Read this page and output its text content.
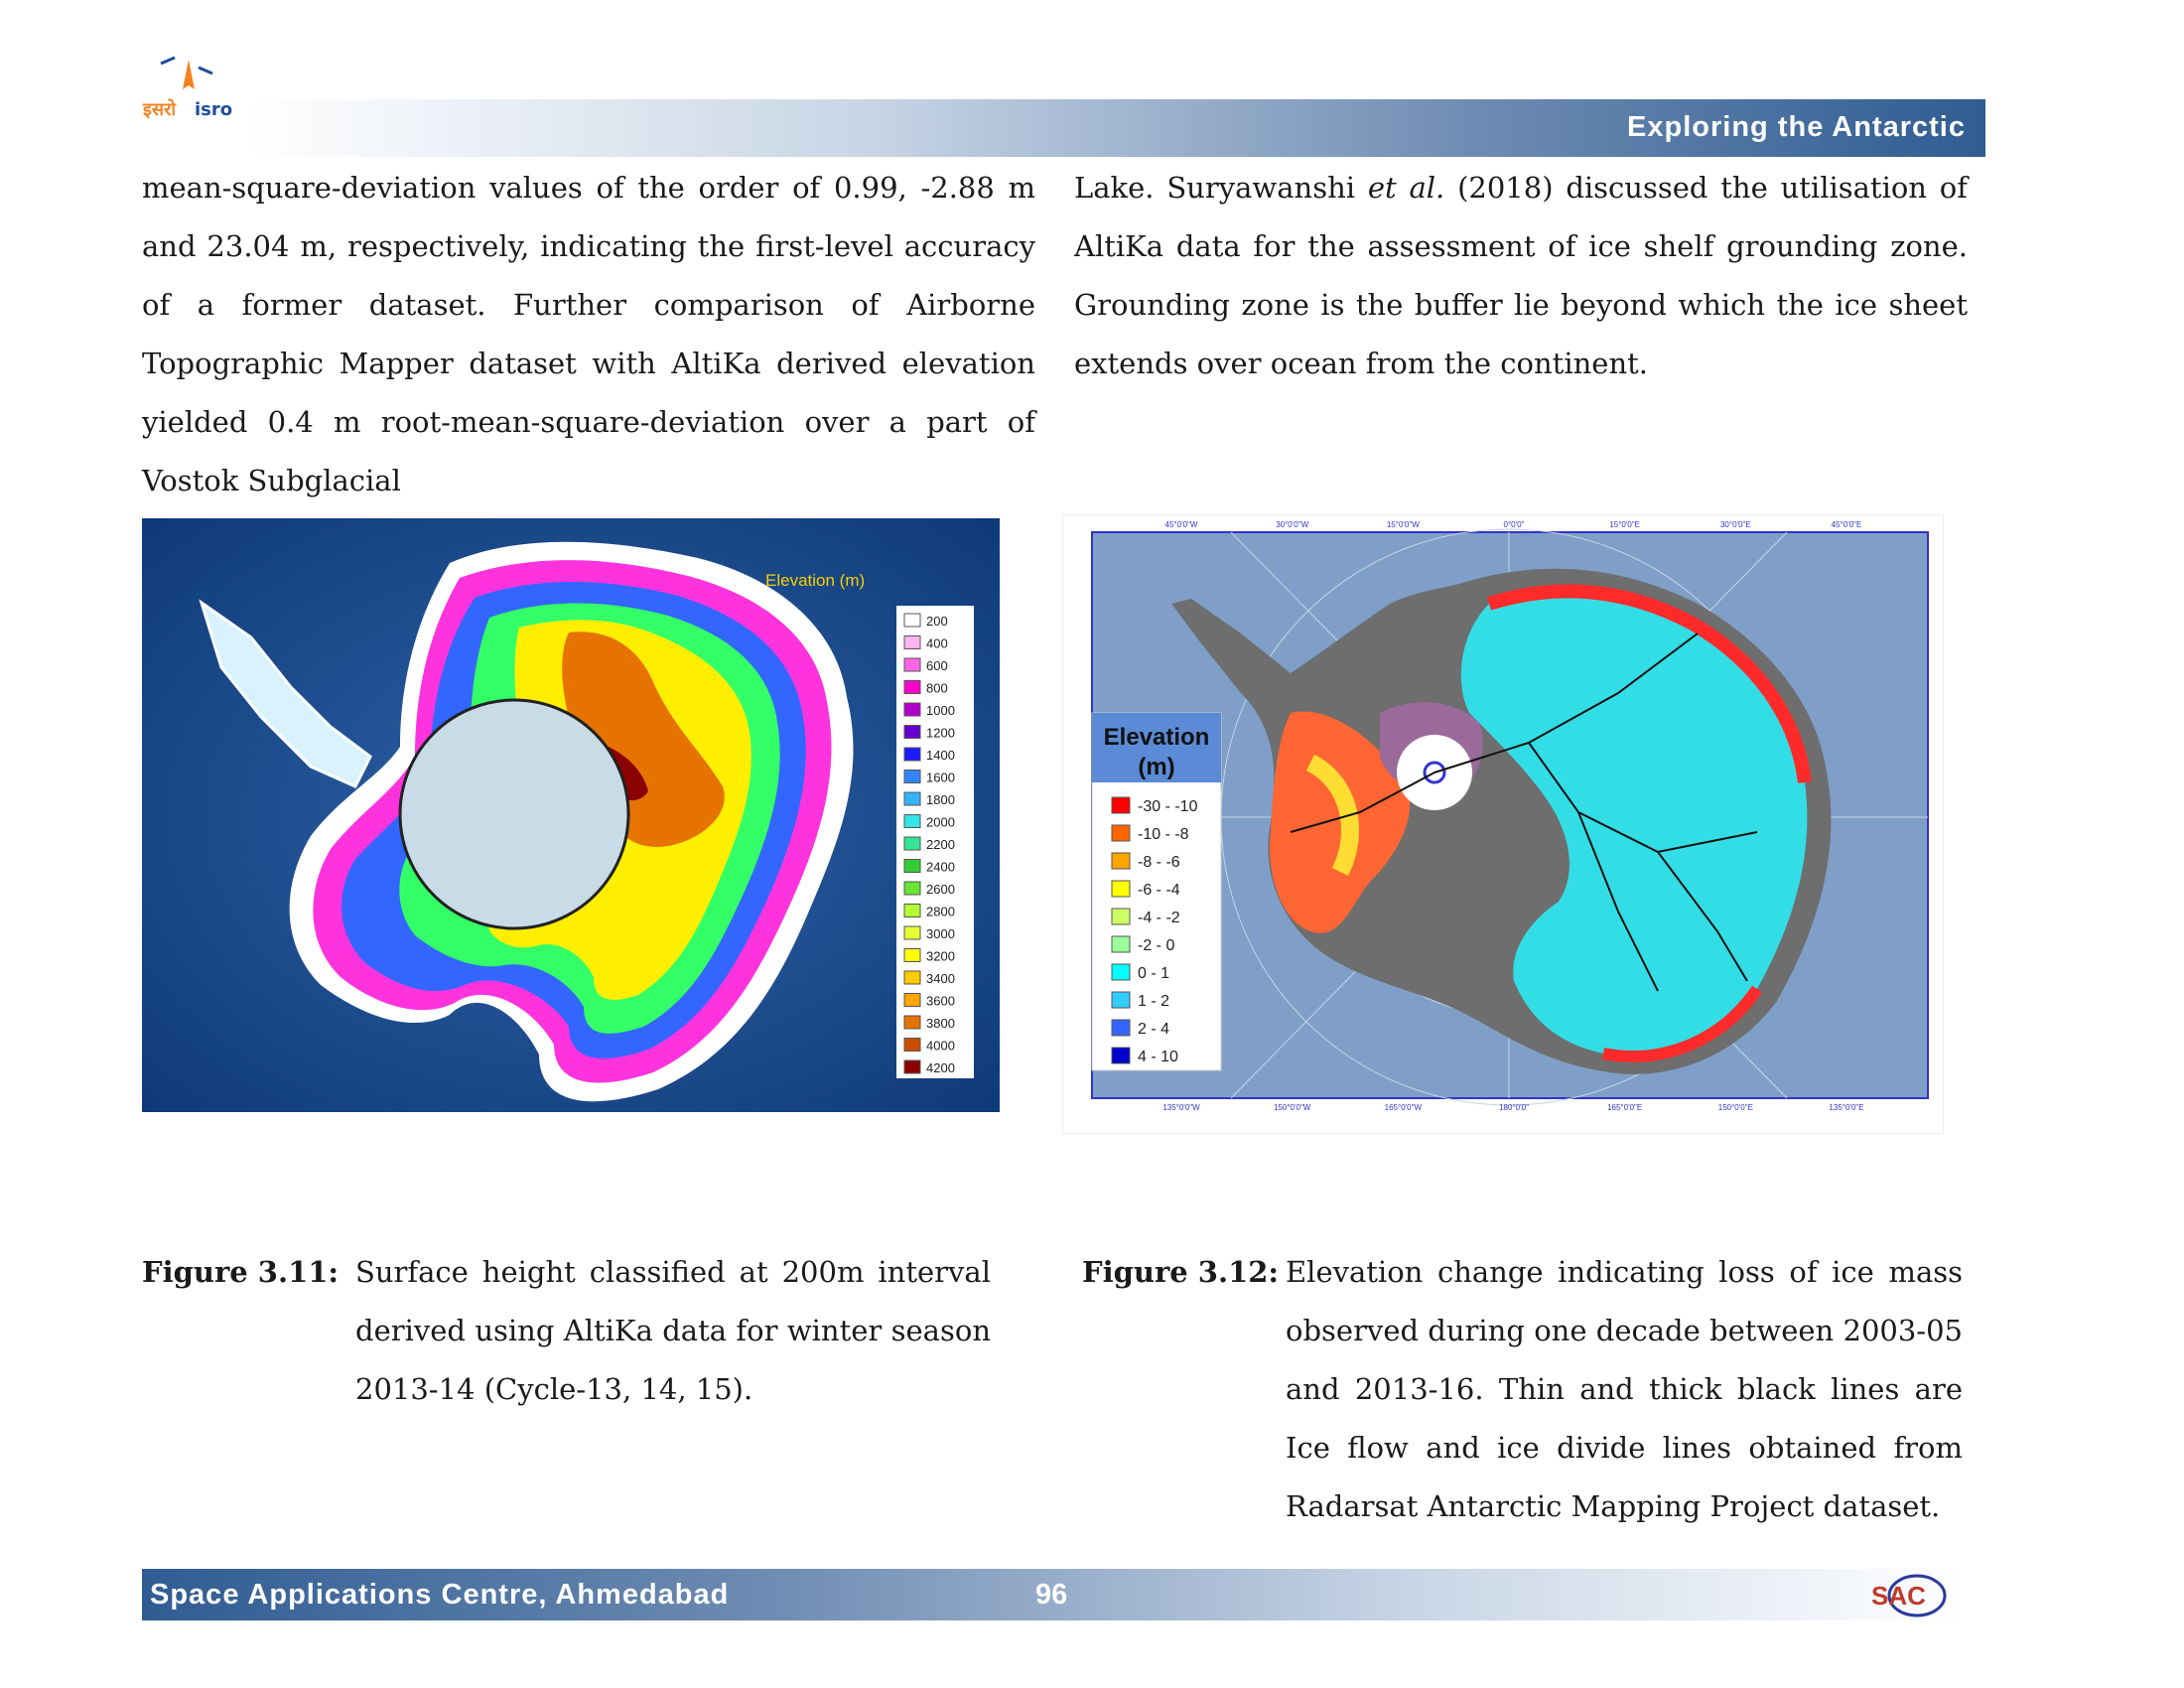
इसरो isro
Exploring the Antarctic
mean-square-deviation values of the order of 0.99, -2.88 m and 23.04 m, respectively, indicating the first-level accuracy of a former dataset. Further comparison of Airborne Topographic Mapper dataset with AltiKa derived elevation yielded 0.4 m root-mean-square-deviation over a part of Vostok Subglacial
Lake. Suryawanshi et al. (2018) discussed the utilisation of AltiKa data for the assessment of ice shelf grounding zone. Grounding zone is the buffer lie beyond which the ice sheet extends over ocean from the continent.
Elevation (m)
200
400
600
800
1000
1200
1400
1600
1800
2000
2200
2400
2600
2800
3000
3200
3400
3600
3800
4000
4200
45°0'0"W	30°0'0"W	15°0'0"W	0°0'0"	15°0'0"E	30°0'0"E	45°0'0"E
135°0'0"W	150°0'0"W	165°0'0"W	180°0'0"	165°0'0"E	150°0'0"E	135°0'0"E
Elevation
(m)
-30 - -10
-10 - -8
-8 - -6
-6 - -4
-4 - -2
-2 - 0
0 - 1
1 - 2
2 - 4
4 - 10
Figure 3.11: Surface height classified at 200m interval derived using AltiKa data for winter season 2013-14 (Cycle-13, 14, 15).
Figure 3.12: Elevation change indicating loss of ice mass observed during one decade between 2003-05 and 2013-16. Thin and thick black lines are Ice flow and ice divide lines obtained from Radarsat Antarctic Mapping Project dataset.
Space Applications Centre, Ahmedabad	96	SAC
